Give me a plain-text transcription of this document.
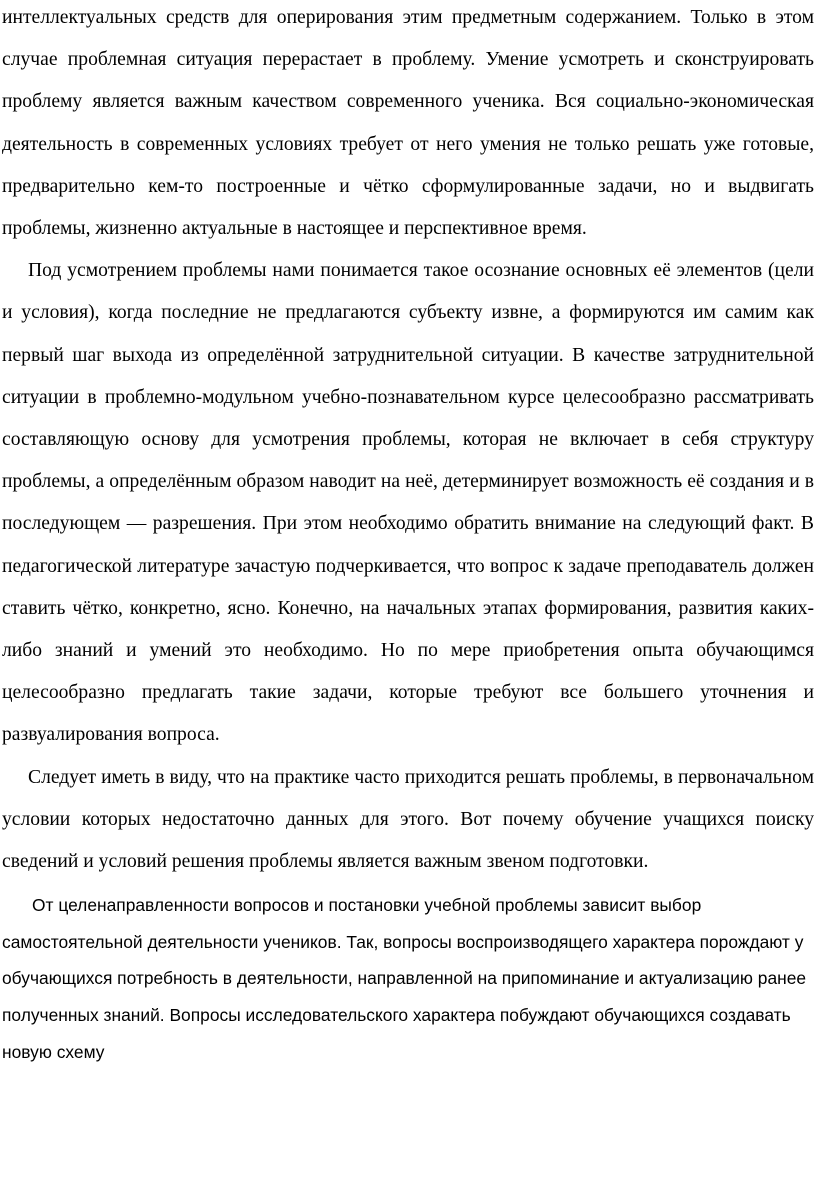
интеллектуальных средств для оперирования этим предметным содержанием. Только в этом случае проблемная ситуация перерастает в проблему. Умение усмотреть и сконструировать проблему является важным качеством современного ученика. Вся социально-экономическая деятельность в современных условиях требует от него умения не только решать уже готовые, предварительно кем-то построенные и чётко сформулированные задачи, но и выдвигать проблемы, жизненно актуальные в настоящее и перспективное время.

Под усмотрением проблемы нами понимается такое осознание основных её элементов (цели и условия), когда последние не предлагаются субъекту извне, а формируются им самим как первый шаг выхода из определённой затруднительной ситуации. В качестве затруднительной ситуации в проблемно-модульном учебно-познавательном курсе целесообразно рассматривать составляющую основу для усмотрения проблемы, которая не включает в себя структуру проблемы, а определённым образом наводит на неё, детерминирует возможность её создания и в последующем — разрешения. При этом необходимо обратить внимание на следующий факт. В педагогической литературе зачастую подчеркивается, что вопрос к задаче преподаватель должен ставить чётко, конкретно, ясно. Конечно, на начальных этапах формирования, развития каких-либо знаний и умений это необходимо. Но по мере приобретения опыта обучающимся целесообразно предлагать такие задачи, которые требуют все большего уточнения и развуалирования вопроса.

Следует иметь в виду, что на практике часто приходится решать проблемы, в первоначальном условии которых недостаточно данных для этого. Вот почему обучение учащихся поиску сведений и условий решения проблемы является важным звеном подготовки.

От целенаправленности вопросов и постановки учебной проблемы зависит выбор самостоятельной деятельности учеников. Так, вопросы воспроизводящего характера порождают у обучающихся потребность в деятельности, направленной на припоминание и актуализацию ранее полученных знаний. Вопросы исследовательского характера побуждают обучающихся создавать новую схему
